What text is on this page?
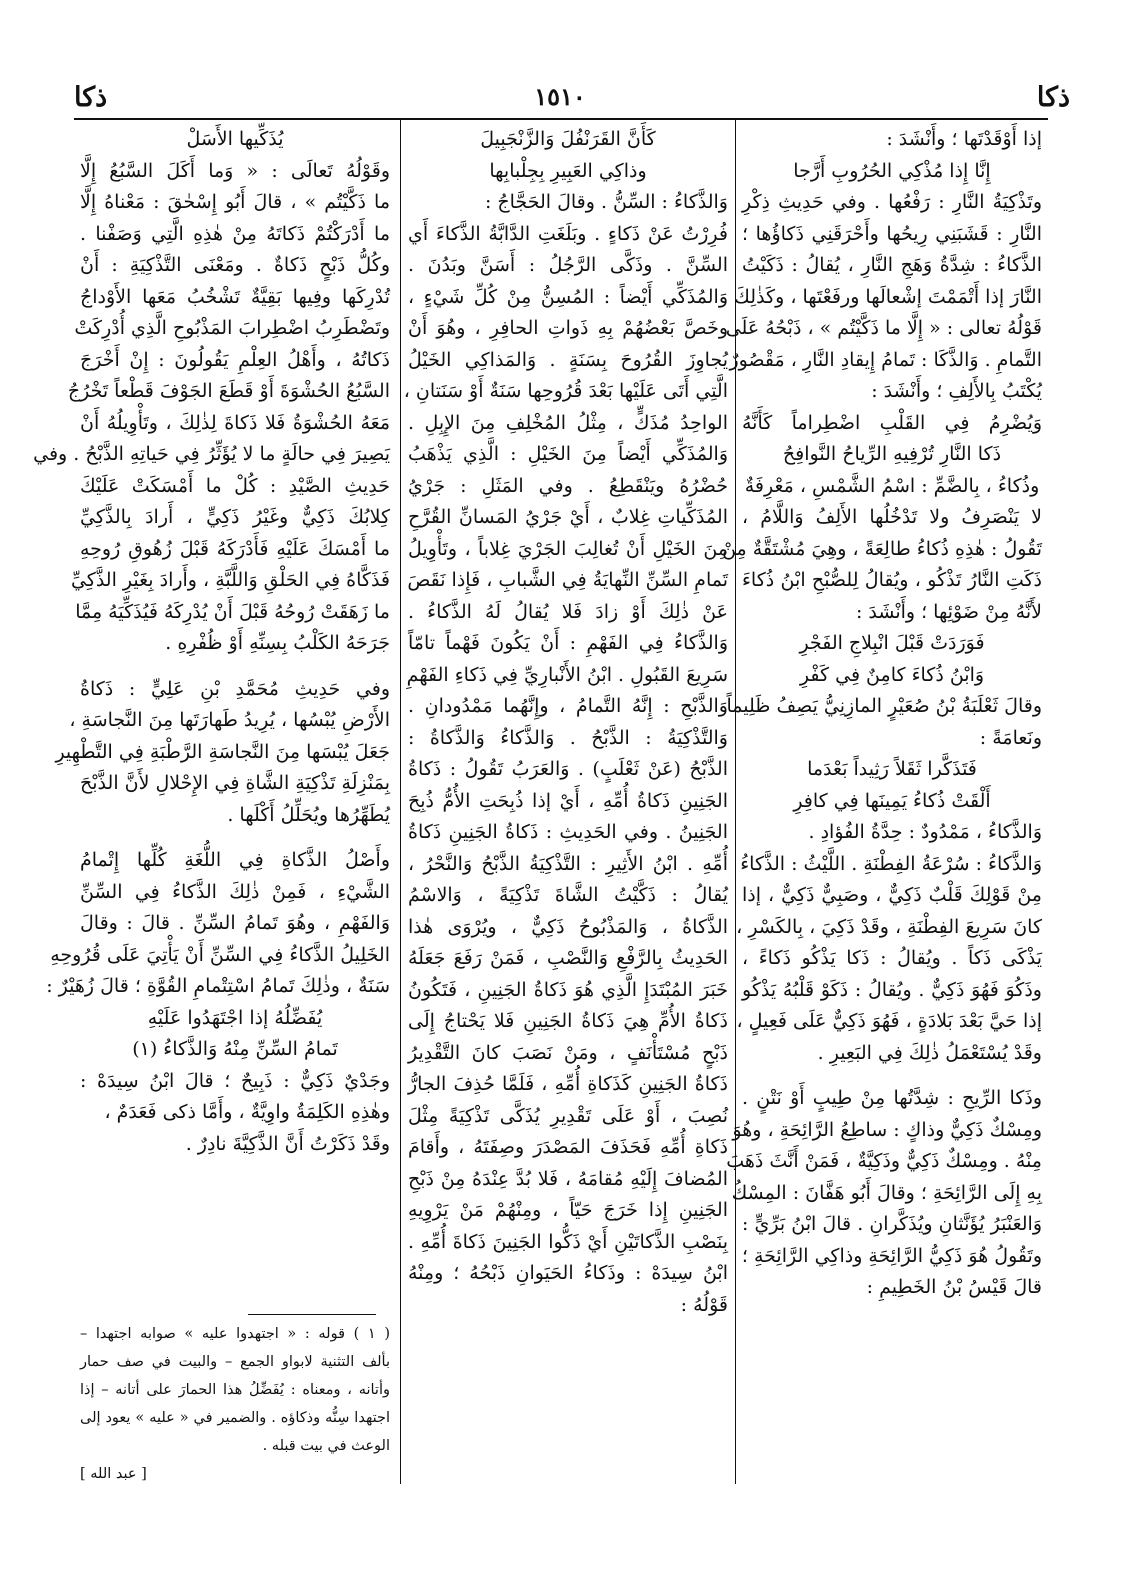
ذكا
١٥١٠
ذكا
إذا أَوْقَدْتَها ؛ وأَنْشَدَ :
إِنَّا إِذا مُذْكِي الحُرُوبِ أَرَّجا
وتَذْكِيَةُ النَّارِ : رَفْعُها . وفي حَدِيثِ ذِكْرِ
النَّارِ : قَشَبَنِي رِيحُها وأَحْرَقَنِي ذَكاؤُها ؛
الذَّكاءُ : شِدَّةُ وَهَجِ النَّارِ ، يُقالُ : ذَكَيْتُ
النَّارَ إذا أَتْمَمْتَ إشْعالَها ورفَعْتَها ، وكَذٰلِكَ
قَوْلُهُ تعالى : « إِلَّا ما ذَكَّيْتُم » ، ذَبْحُهُ عَلَى
التَّمامِ . وَالذَّكَا : تَمامُ إِيقادِ النَّارِ ، مَقْصُورٌ
يُكْتَبُ بِالأَلِفِ ؛ وأَنْشَدَ :
وَيُضْرِمُ فِي القَلْبِ اضْطِراماً كَأَنَّهُ
ذَكا النَّارِ تُرْفِيهِ الرِّياحُ النَّوافِحُ
وذُكاءُ ، بِالضَّمِّ : اسْمُ الشَّمْسِ ، مَعْرِفَةٌ
لا يَنْصَرِفُ ولا تَدْخُلُها الأَلِفُ وَاللَّامُ ،
تَقُولُ : هٰذِهِ ذُكاءُ طالِعَةً ، وهِيَ مُشْتَقَّةٌ مِنْ
ذَكَتِ النَّارُ تَذْكُو ، ويُقالُ لِلصُّبْحِ ابْنُ ذُكاءَ
لأَنَّهُ مِنْ ضَوْئِها ؛ وأَنْشَدَ :
فَوَرَدَتْ قَبْلَ انْبِلاجِ الفَجْرِ
وَابْنُ ذُكاءَ كامِنٌ فِي كَفْرِ
وقالَ ثَعْلَبَةُ بْنُ صُعَيْرٍ المازِنِيُّ يَصِفُ ظَلِيماً
ونَعامَةً :
فَتَذَكَّرا ثَقَلاً رَثِيداً بَعْدَما
أَلْقَتْ ذُكاءُ يَمِينَها فِي كافِرِ
وَالذَّكاءُ ، مَمْدُودٌ : حِدَّةُ الفُؤادِ .
وَالذَّكاءُ : سُرْعَةُ الفِطْنَةِ . اللَّيْثُ : الذَّكاءُ
مِنْ قَوْلِكَ قَلْبٌ ذَكِيٌّ ، وصَبِيٌّ ذَكِيٌّ ، إذا
كانَ سَرِيعَ الفِطْنَةِ ، وقَدْ ذَكِيَ ، بِالكَسْرِ ،
يَذْكَى ذَكاً . ويُقالُ : ذَكا يَذْكُو ذَكاءً ،
وذَكُوَ فَهُوَ ذَكِيٌّ . ويُقالُ : ذَكَوْ قَلْبُهُ يَذْكُو
إذا حَيَّ بَعْدَ بَلادَةٍ ، فَهُوَ ذَكِيٌّ عَلَى فَعِيلٍ ،
وقَدْ يُسْتَعْمَلُ ذٰلِكَ فِي البَعِيرِ .
وذَكا الرِّيحِ : شِدَّتُها مِنْ طِيبٍ أَوْ نَتْنٍ .
ومِسْكٌ ذَكِيٌّ وذاكٍ : ساطِعُ الرَّائِحَةِ ، وهُوَ
مِنْهُ . ومِسْكٌ ذَكِيٌّ وذَكِيَّةٌ ، فَمَنْ أَنَّثَ ذَهَبَ
بِهِ إِلَى الرَّائِحَةِ ؛ وقالَ أَبُو هَفَّانَ : المِسْكُ
وَالعَنْبَرُ يُؤَنَّثانِ ويُذَكَّرانِ . قالَ ابْنُ بَرِّيٍّ :
وتَقُولُ هُوَ ذَكِيُّ الرَّائِحَةِ وذاكِي الرَّائِحَةِ ؛
قالَ قَيْسُ بْنُ الخَطِيمِ :
كَأَنَّ القَرَنْفُلَ وَالزَّنْجَبِيلَ
وذاكِي العَبِيرِ بِجِلْبابِها
وَالذَّكاءُ : السِّنُّ . وقالَ الحَجَّاجُ :
فُرِرْتُ عَنْ ذَكاءٍ . وبَلَغَتِ الدَّابَّةُ الذَّكاءَ أَي
السِّنَّ . وذَكَّى الرَّجُلُ : أَسَنَّ وبَدُنَ .
وَالمُذَكِّي أَيْضاً : المُسِنُّ مِنْ كُلِّ شَيْءٍ ،
وخَصَّ بَعْضُهُمْ بِهِ ذَواتِ الحافِرِ ، وهُوَ أَنْ
يُجاوِزَ القُرُوحَ بِسَنَةٍ . وَالمَذاكِي الخَيْلُ
الَّتِي أَتَى عَلَيْها بَعْدَ قُرُوحِها سَنَةٌ أَوْ سَنَتانِ ،
الواحِدُ مُذَكٍّ ، مِثْلُ المُخْلِفِ مِنَ الإِبِلِ .
وَالمُذَكِّي أَيْضاً مِنَ الخَيْلِ : الَّذِي يَذْهَبُ
حُضْرُهُ ويَنْقَطِعُ . وفي المَثَلِ : جَرْيُ
المُذَكِّياتِ غِلابٌ ، أَيْ جَرْيُ المَسانِّ القُرَّحِ
مِنَ الخَيْلِ أَنْ تُغالِبَ الجَرْيَ غِلاباً ، وتَأْوِيلُ
تَمامِ السِّنِّ النِّهايَةُ فِي الشَّبابِ ، فَإِذا نَقَصَ
عَنْ ذٰلِكَ أَوْ زادَ فَلا يُقالُ لَهُ الذَّكاءُ .
وَالذَّكاءُ فِي الفَهْمِ : أَنْ يَكُونَ فَهْماً تامّاً
سَرِيعَ القَبُولِ . ابْنُ الأَنْبارِيِّ فِي ذَكاءِ الفَهْمِ
وَالذَّبْحِ : إِنَّهُ التَّمامُ ، وإِنَّهُما مَمْدُودانِ .
وَالتَّذْكِيَةُ : الذَّبْحُ . وَالذَّكاءُ وَالذَّكاةُ :
الذَّبْحُ (عَنْ ثَعْلَبٍ) . وَالعَرَبُ تَقُولُ : ذَكاةُ
الجَنِينِ ذَكاةُ أُمِّهِ ، أَيْ إذا ذُبِحَتِ الأُمُّ ذُبِحَ
الجَنِينُ . وفي الحَدِيثِ : ذَكاةُ الجَنِينِ ذَكاةُ
أُمِّهِ . ابْنُ الأَثِيرِ : التَّذْكِيَةُ الذَّبْحُ وَالنَّحْرُ ،
يُقالُ : ذَكَّيْتُ الشَّاةَ تَذْكِيَةً ، وَالاسْمُ
الذَّكاةُ ، وَالمَذْبُوحُ ذَكِيٌّ ، ويُرْوَى هٰذا
الحَدِيثُ بِالرَّفْعِ وَالنَّصْبِ ، فَمَنْ رَفَعَ جَعَلَهُ
خَبَرَ المُبْتَدَإِ الَّذِي هُوَ ذَكاةُ الجَنِينِ ، فَتَكُونُ
ذَكاةُ الأُمِّ هِيَ ذَكاةُ الجَنِينِ فَلا يَحْتاجُ إِلَى
ذَبْحٍ مُسْتَأْنَفٍ ، ومَنْ نَصَبَ كانَ التَّقْدِيرُ
ذَكاةُ الجَنِينِ كَذَكاةِ أُمِّهِ ، فَلَمَّا حُذِفَ الجارُّ
نُصِبَ ، أَوْ عَلَى تَقْدِيرِ يُذَكَّى تَذْكِيَةً مِثْلَ
ذَكاةِ أُمِّهِ فَحَذَفَ المَصْدَرَ وصِفَتَهُ ، وأَقامَ
المُضافَ إِلَيْهِ مُقامَهُ ، فَلا بُدَّ عِنْدَهُ مِنْ ذَبْحِ
الجَنِينِ إِذا خَرَجَ حَيّاً ، ومِنْهُمْ مَنْ يَرْوِيهِ
بِنَصْبِ الذَّكاتَيْنِ أَيْ ذَكُّوا الجَنِينَ ذَكاةَ أُمِّهِ .
ابْنُ سِيدَهْ : وذَكاءُ الحَيَوانِ ذَبْحُهُ ؛ ومِنْهُ
قَوْلُهُ :
يُذَكِّيها الأَسَلْ
وقَوْلُهُ تَعالَى : « وَما أَكَلَ السَّبُعُ إِلَّا
ما ذَكَّيْتُم » ، قالَ أَبُو إِسْحٰقَ : مَعْناهُ إِلَّا
ما أَدْرَكْتُمْ ذَكاتَهُ مِنْ هٰذِهِ الَّتِي وَصَفْنا .
وكُلُّ ذَبْحٍ ذَكاةٌ . ومَعْنَى التَّذْكِيَةِ : أَنْ
تُدْرِكَها وفِيها بَقِيَّةٌ تَشْخُبُ مَعَها الأَوْداجُ
وتَضْطَرِبُ اضْطِرابَ المَذْبُوحِ الَّذِي أُدْرِكَتْ
ذَكاتُهُ ، وأَهْلُ العِلْمِ يَقُولُونَ : إِنْ أَخْرَجَ
السَّبُعُ الحُشْوَةَ أَوْ قَطَعَ الجَوْفَ قَطْعاً تَخْرُجُ
مَعَهُ الحُشْوَةُ فَلا ذَكاةَ لِذٰلِكَ ، وتَأْوِيلُهُ أَنْ
يَصِيرَ فِي حالَةٍ ما لا يُؤَثِّرُ فِي حَياتِهِ الذَّبْحُ . وفي
حَدِيثِ الصَّيْدِ : كُلْ ما أَمْسَكَتْ عَلَيْكَ
كِلابُكَ ذَكِيٌّ وغَيْرُ ذَكِيٍّ ، أَرادَ بِالذَّكِيِّ
ما أَمْسَكَ عَلَيْهِ فَأَدْرَكَهُ قَبْلَ زُهُوقِ رُوحِهِ
فَذَكَّاهُ فِي الحَلْقِ وَاللَّبَّةِ ، وأَرادَ بِغَيْرِ الذَّكِيِّ
ما زَهَقَتْ رُوحُهُ قَبْلَ أَنْ يُدْرِكَهُ فَيُذَكِّيَهُ مِمَّا
جَرَحَهُ الكَلْبُ بِسِنِّهِ أَوْ ظُفْرِهِ .
وفي حَدِيثِ مُحَمَّدِ بْنِ عَلِيٍّ : ذَكاةُ
الأَرْضِ يُبْسُها ، يُرِيدُ طَهارَتَها مِنَ النَّجاسَةِ ،
جَعَلَ يُبْسَها مِنَ النَّجاسَةِ الرَّطْبَةِ فِي التَّطْهِيرِ
بِمَنْزِلَةِ تَذْكِيَةِ الشَّاةِ فِي الإِحْلالِ لأَنَّ الذَّبْحَ
يُطَهِّرُها ويُحَلِّلُ أَكْلَها .
وأَصْلُ الذَّكاةِ فِي اللُّغَةِ كُلِّها إِتْمامُ
الشَّيْءِ ، فَمِنْ ذٰلِكَ الذَّكاءُ فِي السِّنِّ
وَالفَهْمِ ، وهُوَ تَمامُ السِّنِّ . قالَ : وقالَ
الخَلِيلُ الذَّكاءُ فِي السِّنِّ أَنْ يَأْتِيَ عَلَى قُرُوحِهِ
سَنَةٌ ، وذٰلِكَ تَمامُ اسْتِتْمامِ القُوَّةِ ؛ قالَ زُهَيْرٌ :
يُفَضِّلُهُ إذا اجْتَهَدُوا عَلَيْهِ
تَمامُ السِّنِّ مِنْهُ وَالذَّكاءُ (١)
وجَدْيٌ ذَكِيٌّ : ذَبِيحٌ ؛ قالَ ابْنُ سِيدَهْ :
وهٰذِهِ الكَلِمَةُ واوِيَّةٌ ، وأَمَّا ذكى فَعَدَمٌ ،
وقَدْ ذَكَرْتُ أَنَّ الذَّكِيَّةَ نادِرٌ .
( ١ ) قوله : « اجتهدوا عليه » صوابه اجتهدا –
بألف التثنية لابواو الجمع – والبيت في صف حمار
وأتانه ، ومعناه : يُفَضِّلُ هذا الحمارَ على أتانه – إذا
اجتهدا سِنُّه وذكاؤه . والضمير في « عليه » يعود إلى
الوعث في بيت قبله .
[ عبد الله ]
